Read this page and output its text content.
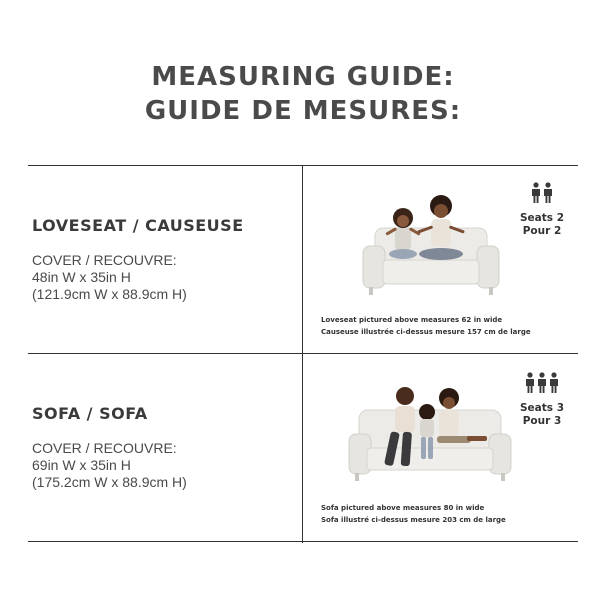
MEASURING GUIDE:
GUIDE DE MESURES:
LOVESEAT / CAUSEUSE
COVER / RECOUVRE:
48in W x 35in H
(121.9cm W x 88.9cm H)
Seats 2
Pour 2
Loveseat pictured above measures 62 in wide
Causeuse illustrée ci-dessus mesure 157 cm de large
SOFA / SOFA
COVER / RECOUVRE:
69in W x 35in H
(175.2cm W x 88.9cm H)
Seats 3
Pour 3
Sofa pictured above measures 80 in wide
Sofa illustré ci-dessus mesure 203 cm de large
